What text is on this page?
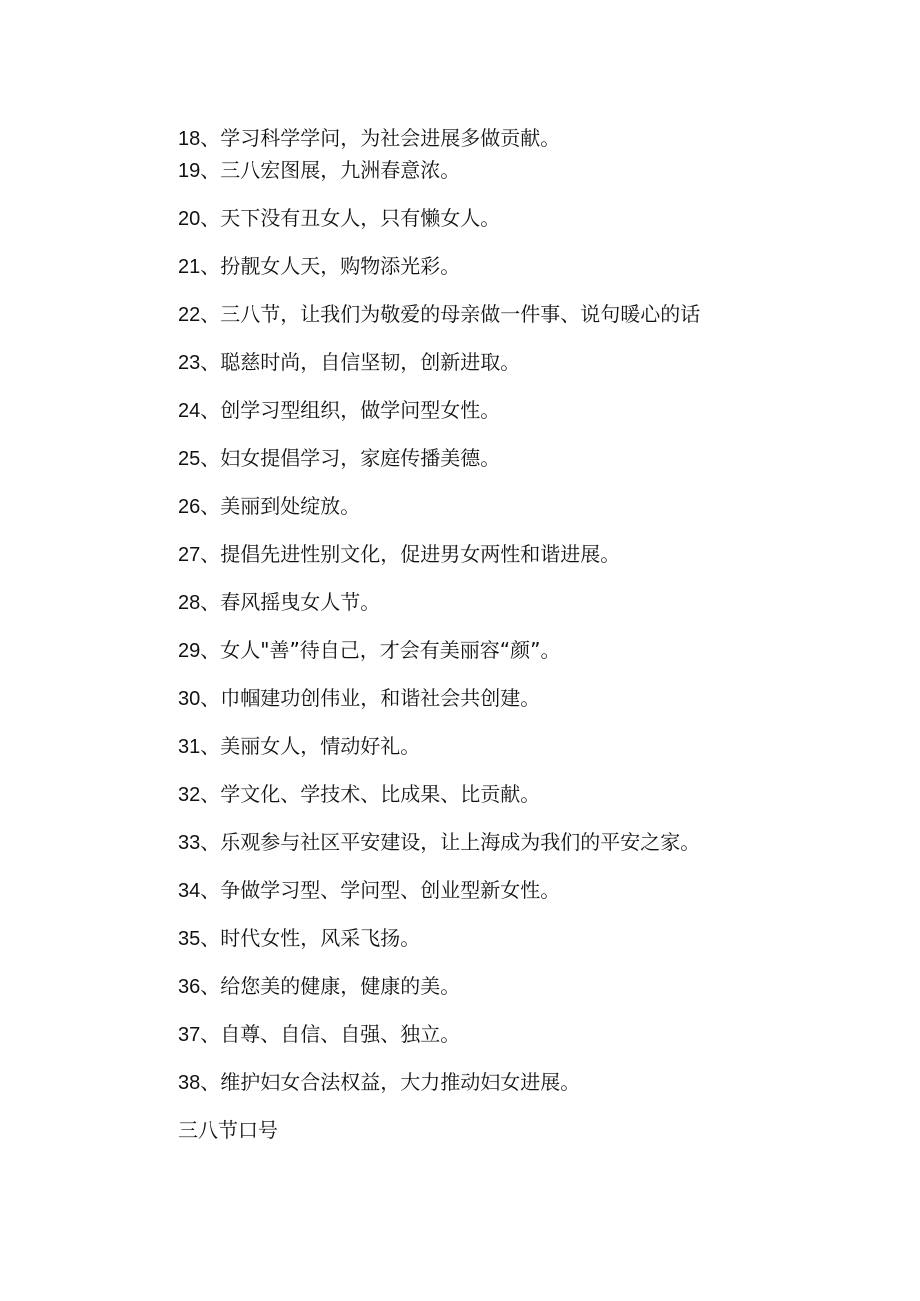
18、学习科学学问，为社会进展多做贡献。
19、三八宏图展，九洲春意浓。
20、天下没有丑女人，只有懒女人。
21、扮靓女人天，购物添光彩。
22、三八节，让我们为敬爱的母亲做一件事、说句暖心的话
23、聪慈时尚，自信坚韧，创新进取。
24、创学习型组织，做学问型女性。
25、妇女提倡学习，家庭传播美德。
26、美丽到处绽放。
27、提倡先进性别文化，促进男女两性和谐进展。
28、春风摇曳女人节。
29、女人"善”待自己，才会有美丽容“颜”。
30、巾帼建功创伟业，和谐社会共创建。
31、美丽女人，情动好礼。
32、学文化、学技术、比成果、比贡献。
33、乐观参与社区平安建设，让上海成为我们的平安之家。
34、争做学习型、学问型、创业型新女性。
35、时代女性，风采飞扬。
36、给您美的健康，健康的美。
37、自尊、自信、自强、独立。
38、维护妇女合法权益，大力推动妇女进展。
三八节口号
